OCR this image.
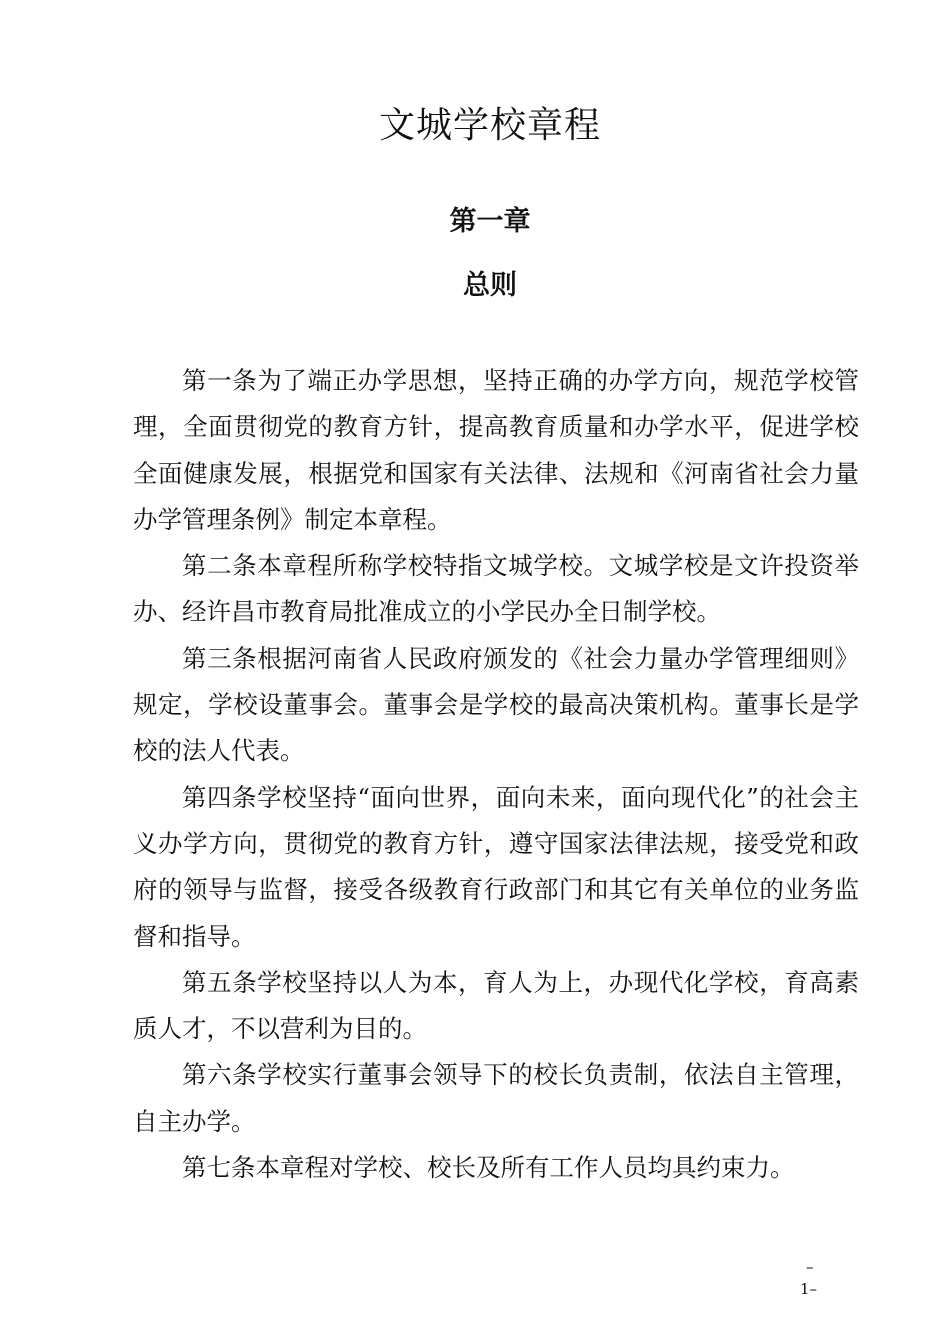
文城学校章程
第一章
总则

第一条为了端正办学思想，坚持正确的办学方向，规范学校管理，全面贯彻党的教育方针，提高教育质量和办学水平，促进学校全面健康发展，根据党和国家有关法律、法规和《河南省社会力量办学管理条例》制定本章程。

第二条本章程所称学校特指文城学校。文城学校是文许投资举办、经许昌市教育局批准成立的小学民办全日制学校。

第三条根据河南省人民政府颁发的《社会力量办学管理细则》规定，学校设董事会。董事会是学校的最高决策机构。董事长是学校的法人代表。

第四条学校坚持“面向世界，面向未来，面向现代化”的社会主义办学方向，贯彻党的教育方针，遵守国家法律法规，接受党和政府的领导与监督，接受各级教育行政部门和其它有关单位的业务监督和指导。

第五条学校坚持以人为本，育人为上，办现代化学校，育高素质人才，不以营利为目的。

第六条学校实行董事会领导下的校长负责制，依法自主管理，自主办学。

第七条本章程对学校、校长及所有工作人员均具约束力。

–
1–
